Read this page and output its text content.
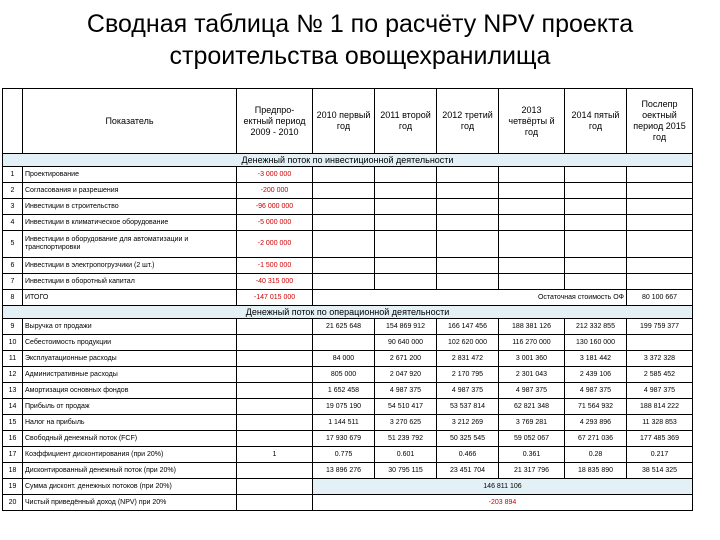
Сводная таблица № 1 по расчёту NPV проекта строительства овощехранилища
	Показатель	Предпро- ектный период 2009 - 2010	2010 первый год	2011 второй год	2012 третий год	2013 четвёрты й год	2014 пятый год	Послепр оектный период 2015 год
Денежный поток по инвестиционной деятельности								
1	Проектирование	-3 000 000						
2	Согласования и разрешения	-200 000						
3	Инвестиции в строительство	-96 000 000						
4	Инвестиции в климатическое оборудование	-5 000 000						
5	Инвестиции в оборудование для автоматизации и транспортировки	-2 000 000						
6	Инвестиции в электропогрузчики (2 шт.)	-1 500 000						
7	Инвестиции в оборотный капитал	-40 315 000						
8	ИТОГО	-147 015 000	Остаточная стоимость ОФ					80 100 667
Денежный поток по операционной деятельности								
9	Выручка от продажи		21 625 648	154 869 912	166 147 456	188 381 126	212 332 855	199 759 377
10	Себестоимость продукции			90 640 000	102 620 000	116 270 000	130 160 000	
11	Эксплуатационные расходы		84 000	2 671 200	2 831 472	3 001 360	3 181 442	3 372 328
12	Административные расходы		805 000	2 047 920	2 170 795	2 301 043	2 439 106	2 585 452
13	Амортизация основных фондов		1 652 458	4 987 375	4 987 375	4 987 375	4 987 375	4 987 375
14	Прибыль от продаж		19 075 190	54 510 417	53 537 814	62 821 348	71 564 932	188 814 222
15	Налог на прибыль		1 144 511	3 270 625	3 212 269	3 769 281	4 293 896	11 328 853
16	Свободный денежный поток (FCF)		17 930 679	51 239 792	50 325 545	59 052 067	67 271 036	177 485 369
17	Коэффициент дисконтирования (при 20%)	1	0.775	0.601	0.466	0.361	0.28	0.217
18	Дисконтированный денежный поток (при 20%)		13 896 276	30 795 115	23 451 704	21 317 796	18 835 890	38 514 325
19	Сумма дисконт. денежных потоков (при 20%)		146 811 106					
20	Чистый приведённый доход (NPV) при 20%		-203 894					
